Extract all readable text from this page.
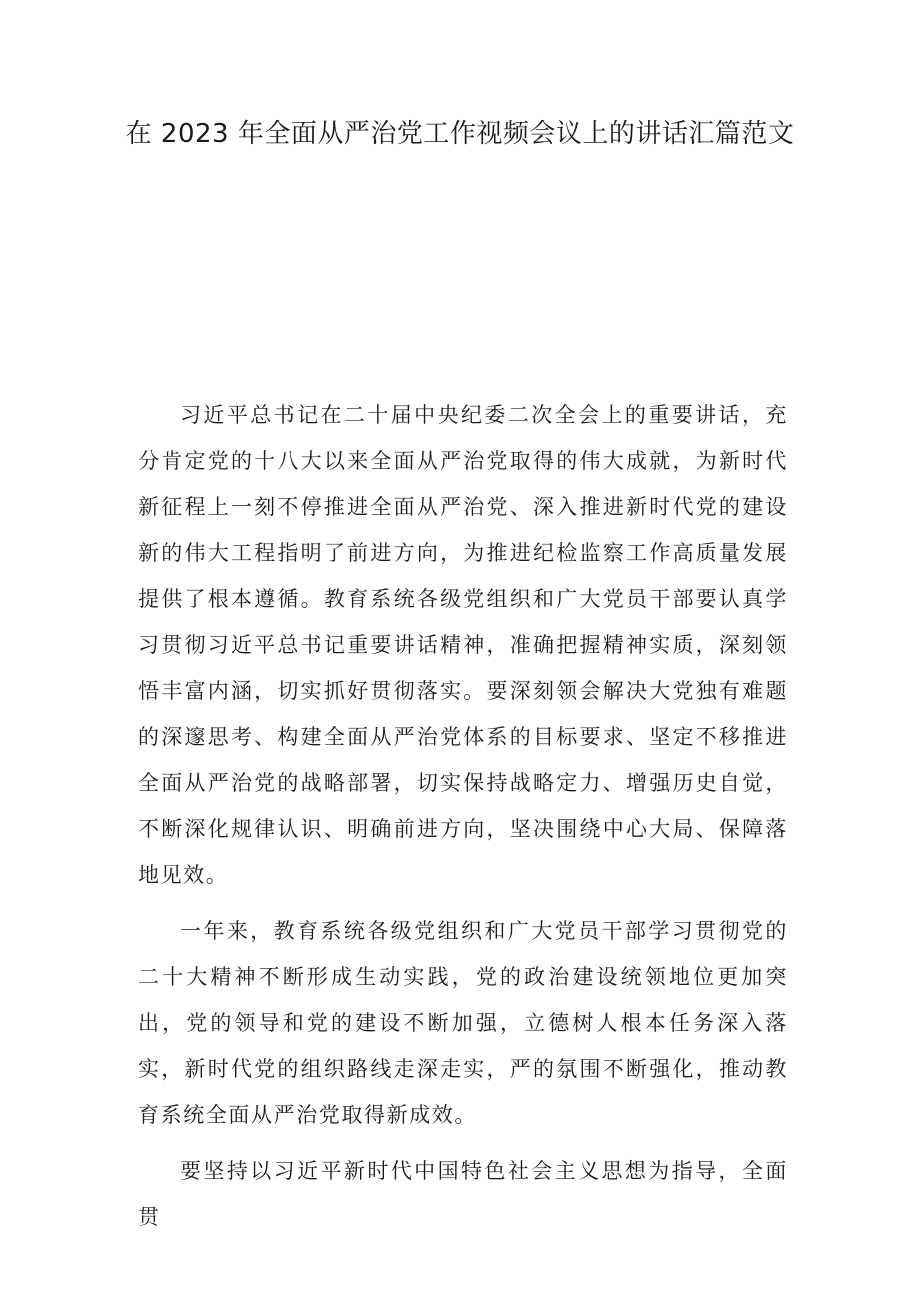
在 2023 年全面从严治党工作视频会议上的讲话汇篇范文

习近平总书记在二十届中央纪委二次全会上的重要讲话，充分肯定党的十八大以来全面从严治党取得的伟大成就，为新时代新征程上一刻不停推进全面从严治党、深入推进新时代党的建设新的伟大工程指明了前进方向，为推进纪检监察工作高质量发展提供了根本遵循。教育系统各级党组织和广大党员干部要认真学习贯彻习近平总书记重要讲话精神，准确把握精神实质，深刻领悟丰富内涵，切实抓好贯彻落实。要深刻领会解决大党独有难题的深邃思考、构建全面从严治党体系的目标要求、坚定不移推进全面从严治党的战略部署，切实保持战略定力、增强历史自觉，不断深化规律认识、明确前进方向，坚决围绕中心大局、保障落地见效。

一年来，教育系统各级党组织和广大党员干部学习贯彻党的二十大精神不断形成生动实践，党的政治建设统领地位更加突出，党的领导和党的建设不断加强，立德树人根本任务深入落实，新时代党的组织路线走深走实，严的氛围不断强化，推动教育系统全面从严治党取得新成效。

要坚持以习近平新时代中国特色社会主义思想为指导，全面贯
